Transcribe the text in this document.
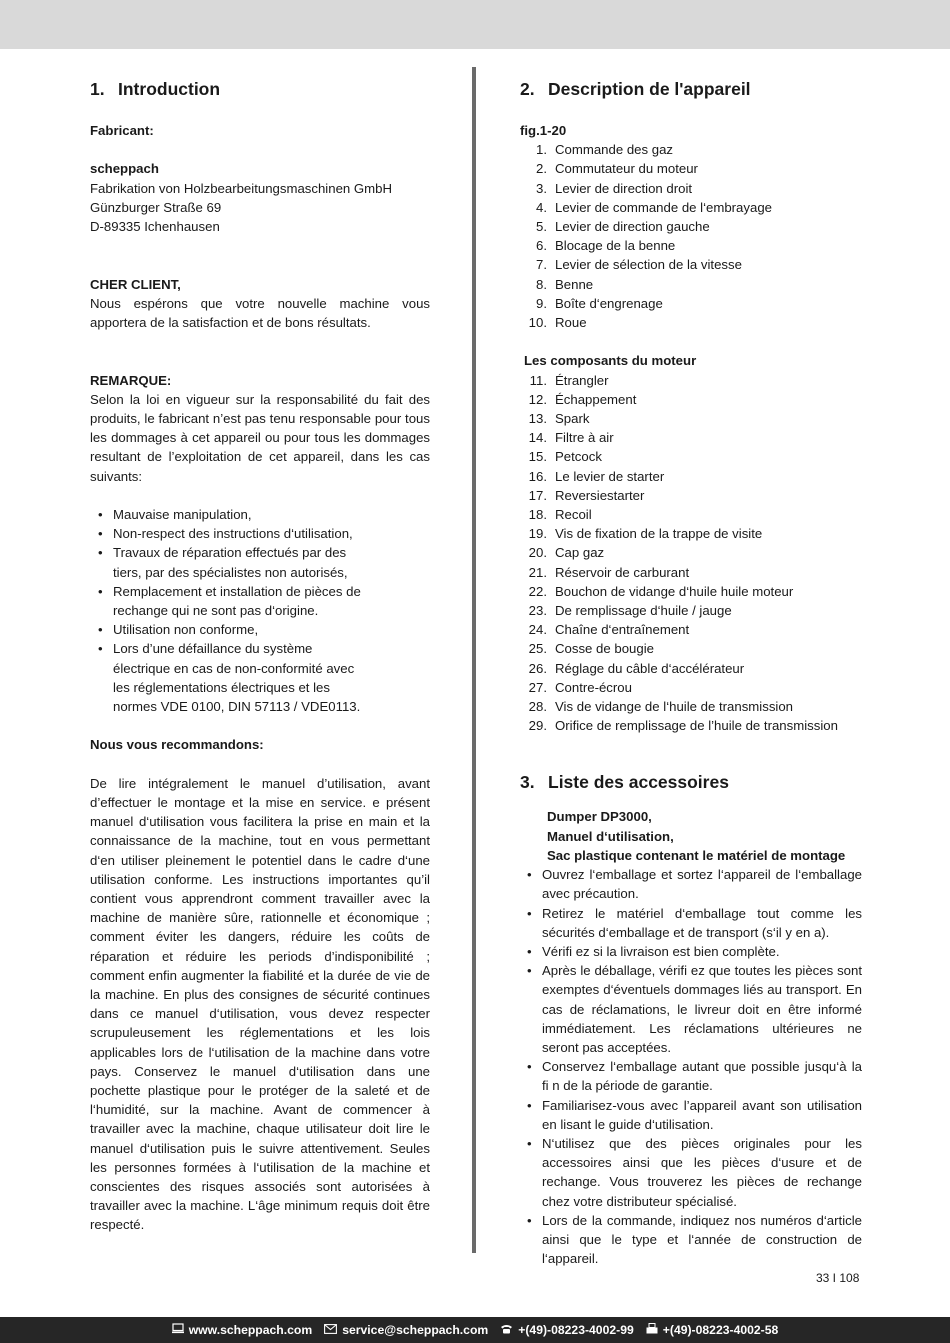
1. Introduction

Fabricant:

scheppach

Fabrikation von Holzbearbeitungsmaschinen GmbH

Günzburger Straße 69

D-89335 Ichenhausen

CHER CLIENT,

Nous espérons que votre nouvelle machine vous apportera de la satisfaction et de bons résultats.

REMARQUE:

Selon la loi en vigueur sur la responsabilité du fait des produits, le fabricant n’est pas tenu responsable pour tous les dommages à cet appareil ou pour tous les dommages resultant de l’exploitation de cet appareil, dans les cas suivants:

• Mauvaise manipulation,
• Non-respect des instructions d‘utilisation,
• Travaux de réparation effectués par des tiers, par des spécialistes non autorisés,
• Remplacement et installation de pièces de rechange qui ne sont pas d‘origine.
• Utilisation non conforme,
• Lors d’une défaillance du système électrique en cas de non-conformité avec les réglementations électriques et les normes VDE 0100, DIN 57113 / VDE0113.

Nous vous recommandons:

De lire intégralement le manuel d’utilisation, avant d’effectuer le montage et la mise en service. e présent manuel d‘utilisation vous facilitera la prise en main et la connaissance de la machine, tout en vous permettant d‘en utiliser pleinement le potentiel dans le cadre d‘une utilisation conforme. Les instructions importantes qu’il contient vous apprendront comment travailler avec la machine de manière sûre, rationnelle et économique ; comment éviter les dangers, réduire les coûts de réparation et réduire les periods d’indisponibilité ; comment enfin augmenter la fiabilité et la durée de vie de la machine. En plus des consignes de sécurité continues dans ce manuel d‘utilisation, vous devez respecter scrupuleusement les réglementations et les lois applicables lors de l‘utilisation de la machine dans votre pays. Conservez le manuel d‘utilisation dans une pochette plastique pour le protéger de la saleté et de l‘humidité, sur la machine. Avant de commencer à travailler avec la machine, chaque utilisateur doit lire le manuel d‘utilisation puis le suivre attentivement. Seules les personnes formées à l‘utilisation de la machine et conscientes des risques associés sont autorisées à travailler avec la machine. L‘âge minimum requis doit être respecté.

2. Description de l'appareil

fig.1-20

1. Commande des gaz
2. Commutateur du moteur
3. Levier de direction droit
4. Levier de commande de l‘embrayage
5. Levier de direction gauche
6. Blocage de la benne
7. Levier de sélection de la vitesse
8. Benne
9. Boîte d‘engrenage
10. Roue

Les composants du moteur

11. Étrangler
12. Échappement
13. Spark
14. Filtre à air
15. Petcock
16. Le levier de starter
17. Reversiestarter
18. Recoil
19. Vis de fixation de la trappe de visite
20. Cap gaz
21. Réservoir de carburant
22. Bouchon de vidange d‘huile huile moteur
23. De remplissage d‘huile / jauge
24. Chaîne d‘entraînement
25. Cosse de bougie
26. Réglage du câble d‘accélérateur
27. Contre-écrou
28. Vis de vidange de l‘huile de transmission
29. Orifice de remplissage de l’huile de transmission
3. Liste des accessoires

Dumper DP3000,

Manuel d‘utilisation,

Sac plastique contenant le matériel de montage

• Ouvrez l‘emballage et sortez l‘appareil de l‘emballage avec précaution.
• Retirez le matériel d‘emballage tout comme les sécurités d‘emballage et de transport (s‘il y en a).
• Vérifi ez si la livraison est bien complète.
• Après le déballage, vérifi ez que toutes les pièces sont exemptes d‘éventuels dommages liés au transport. En cas de réclamations, le livreur doit en être informé immédiatement. Les réclamations ultérieures ne seront pas acceptées.
• Conservez l‘emballage autant que possible jusqu‘à la fi n de la période de garantie.
• Familiarisez-vous avec l’appareil avant son utilisation en lisant le guide d‘utilisation.
• N‘utilisez que des pièces originales pour les accessoires ainsi que les pièces d‘usure et de rechange. Vous trouverez les pièces de rechange chez votre distributeur spécialisé.
• Lors de la commande, indiquez nos numéros d‘article ainsi que le type et l‘année de construction de l‘appareil.
33 I 108
www.scheppach.com service@scheppach.com +(49)-08223-4002-99 +(49)-08223-4002-58
